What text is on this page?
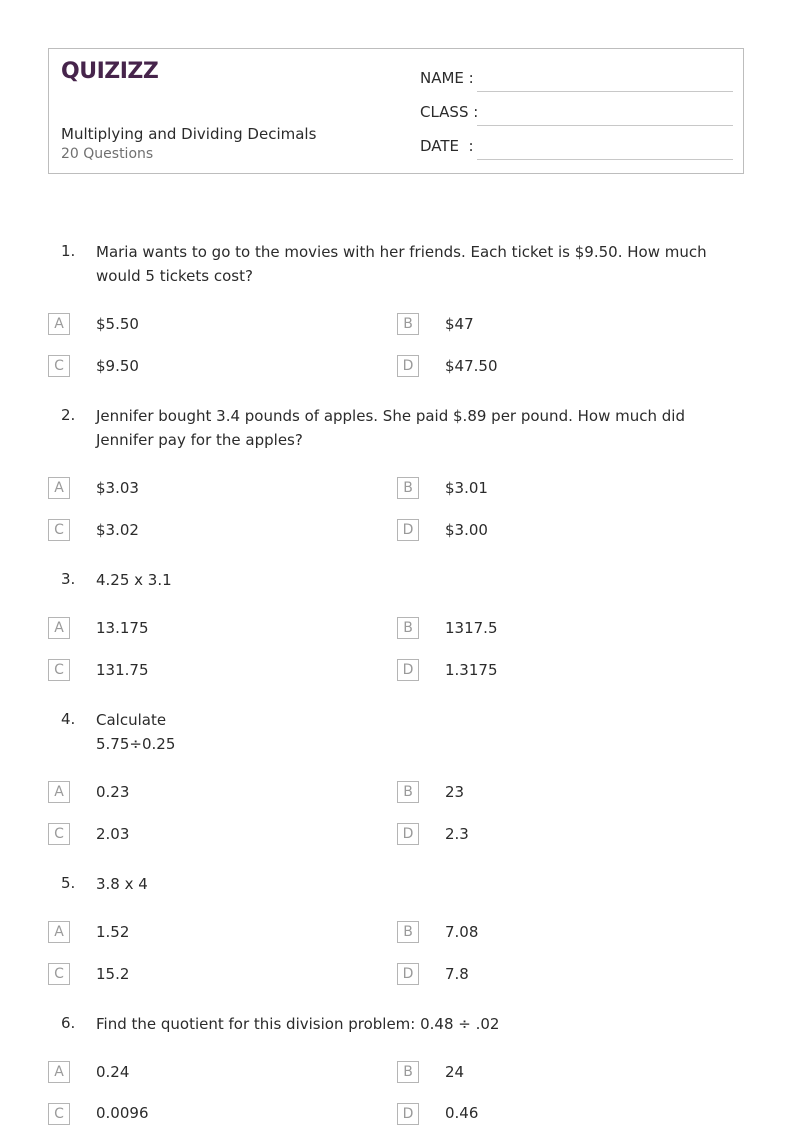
QUIZIZZ
Multiplying and Dividing Decimals
20 Questions
NAME :
CLASS :
DATE  :
1. Maria wants to go to the movies with her friends. Each ticket is $9.50. How much would 5 tickets cost?
A	$5.50	B	$47
C	$9.50	D	$47.50
2. Jennifer bought 3.4 pounds of apples. She paid $.89 per pound. How much did Jennifer pay for the apples?
A	$3.03	B	$3.01
C	$3.02	D	$3.00
3. 4.25 x 3.1
A	13.175	B	1317.5
C	131.75	D	1.3175
4. Calculate
5.75÷0.25
A	0.23	B	23
C	2.03	D	2.3
5. 3.8 x 4
A	1.52	B	7.08
C	15.2	D	7.8
6. Find the quotient for this division problem: 0.48 ÷ .02
A	0.24	B	24
C	0.0096	D	0.46
